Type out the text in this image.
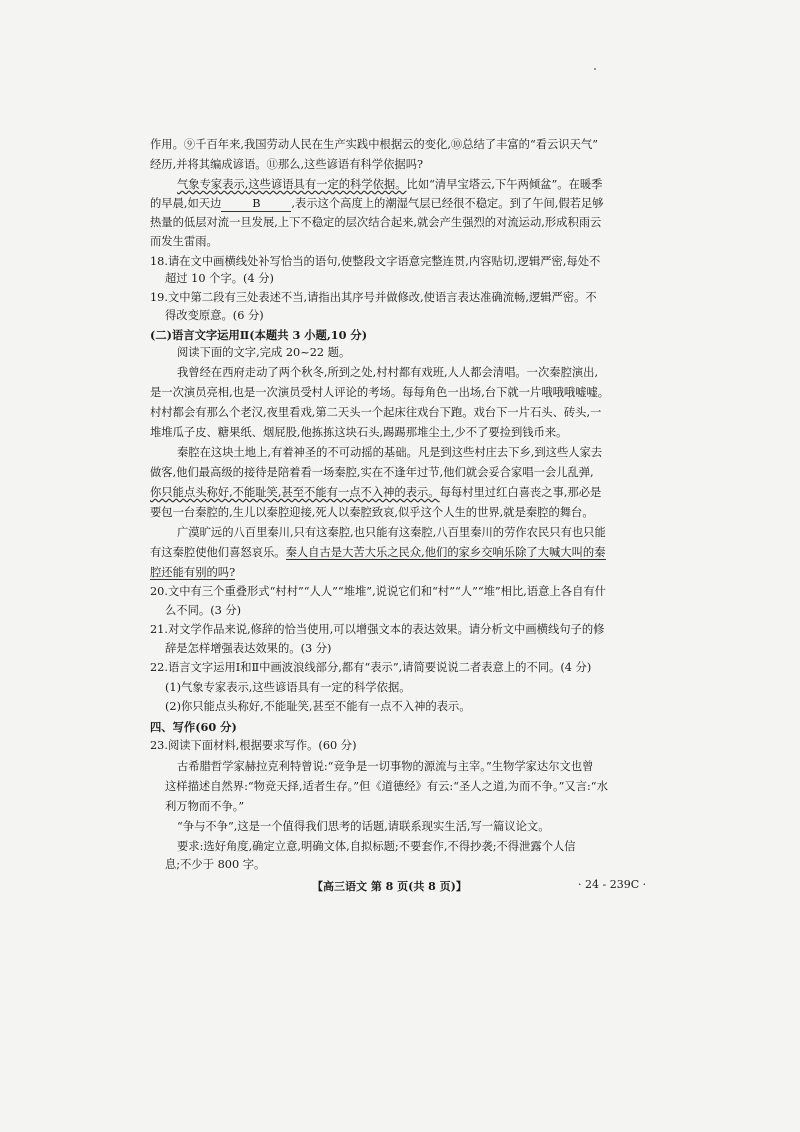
作用。⑨千百年来,我国劳动人民在生产实践中根据云的变化,⑩总结了丰富的“看云识天气”
经历,并将其编成谚语。⑪那么,这些谚语有科学依据吗?
气象专家表示,这些谚语具有一定的科学依据。比如“清早宝塔云,下午两倾盆”。在暖季
的早晨,如天边	B	,表示这个高度上的潮湿气层已经很不稳定。到了午间,假若足够
热量的低层对流一旦发展,上下不稳定的层次结合起来,就会产生强烈的对流运动,形成积雨云
而发生雷雨。
18.请在文中画横线处补写恰当的语句,使整段文字语意完整连贯,内容贴切,逻辑严密,每处不
超过 10 个字。(4 分)
19.文中第二段有三处表述不当,请指出其序号并做修改,使语言表达准确流畅,逻辑严密。不
得改变原意。(6 分)
(二)语言文字运用Ⅱ(本题共 3 小题,10 分)
阅读下面的文字,完成 20~22 题。
我曾经在西府走动了两个秋冬,所到之处,村村都有戏班,人人都会清唱。一次秦腔演出,
是一次演员亮相,也是一次演员受村人评论的考场。每每角色一出场,台下就一片哦哦哦嘘嘘。
村村都会有那么个老汉,夜里看戏,第二天头一个起床往戏台下跑。戏台下一片石头、砖头,一
堆堆瓜子皮、糖果纸、烟屁股,他拣拣这块石头,踢踢那堆尘土,少不了要捡到钱币来。
秦腔在这块土地上,有着神圣的不可动摇的基础。凡是到这些村庄去下乡,到这些人家去
做客,他们最高级的接待是陪着看一场秦腔,实在不逢年过节,他们就会妥合家唱一会儿乱弹,
你只能点头称好,不能耻笑,甚至不能有一点不入神的表示。每每村里过红白喜丧之事,那必是
要包一台秦腔的,生儿以秦腔迎接,死人以秦腔致哀,似乎这个人生的世界,就是秦腔的舞台。
广漠旷远的八百里秦川,只有这秦腔,也只能有这秦腔,八百里秦川的劳作农民只有也只能
有这秦腔使他们喜怒哀乐。秦人自古是大苦大乐之民众,他们的家乡交响乐除了大喊大叫的秦
腔还能有别的吗?
20.文中有三个重叠形式“村村”“人人”“堆堆”,说说它们和“村”“人”“堆”相比,语意上各自有什
么不同。(3 分)
21.对文学作品来说,修辞的恰当使用,可以增强文本的表达效果。请分析文中画横线句子的修
辞是怎样增强表达效果的。(3 分)
22.语言文字运用Ⅰ和Ⅱ中画波浪线部分,都有“表示”,请简要说说二者表意上的不同。(4 分)
(1)气象专家表示,这些谚语具有一定的科学依据。
(2)你只能点头称好,不能耻笑,甚至不能有一点不入神的表示。
四、写作(60 分)
23.阅读下面材料,根据要求写作。(60 分)
古希腊哲学家赫拉克利特曾说:“竞争是一切事物的源流与主宰。”生物学家达尔文也曾
这样描述自然界:“物竞天择,适者生存。”但《道德经》有云:“圣人之道,为而不争。”又言:“水
利万物而不争。”
“争与不争”,这是一个值得我们思考的话题,请联系现实生活,写一篇议论文。
要求:选好角度,确定立意,明确文体,自拟标题;不要套作,不得抄袭;不得泄露个人信
息;不少于 800 字。
【高三语文 第 8 页(共 8 页)】	· 24 - 239C ·
